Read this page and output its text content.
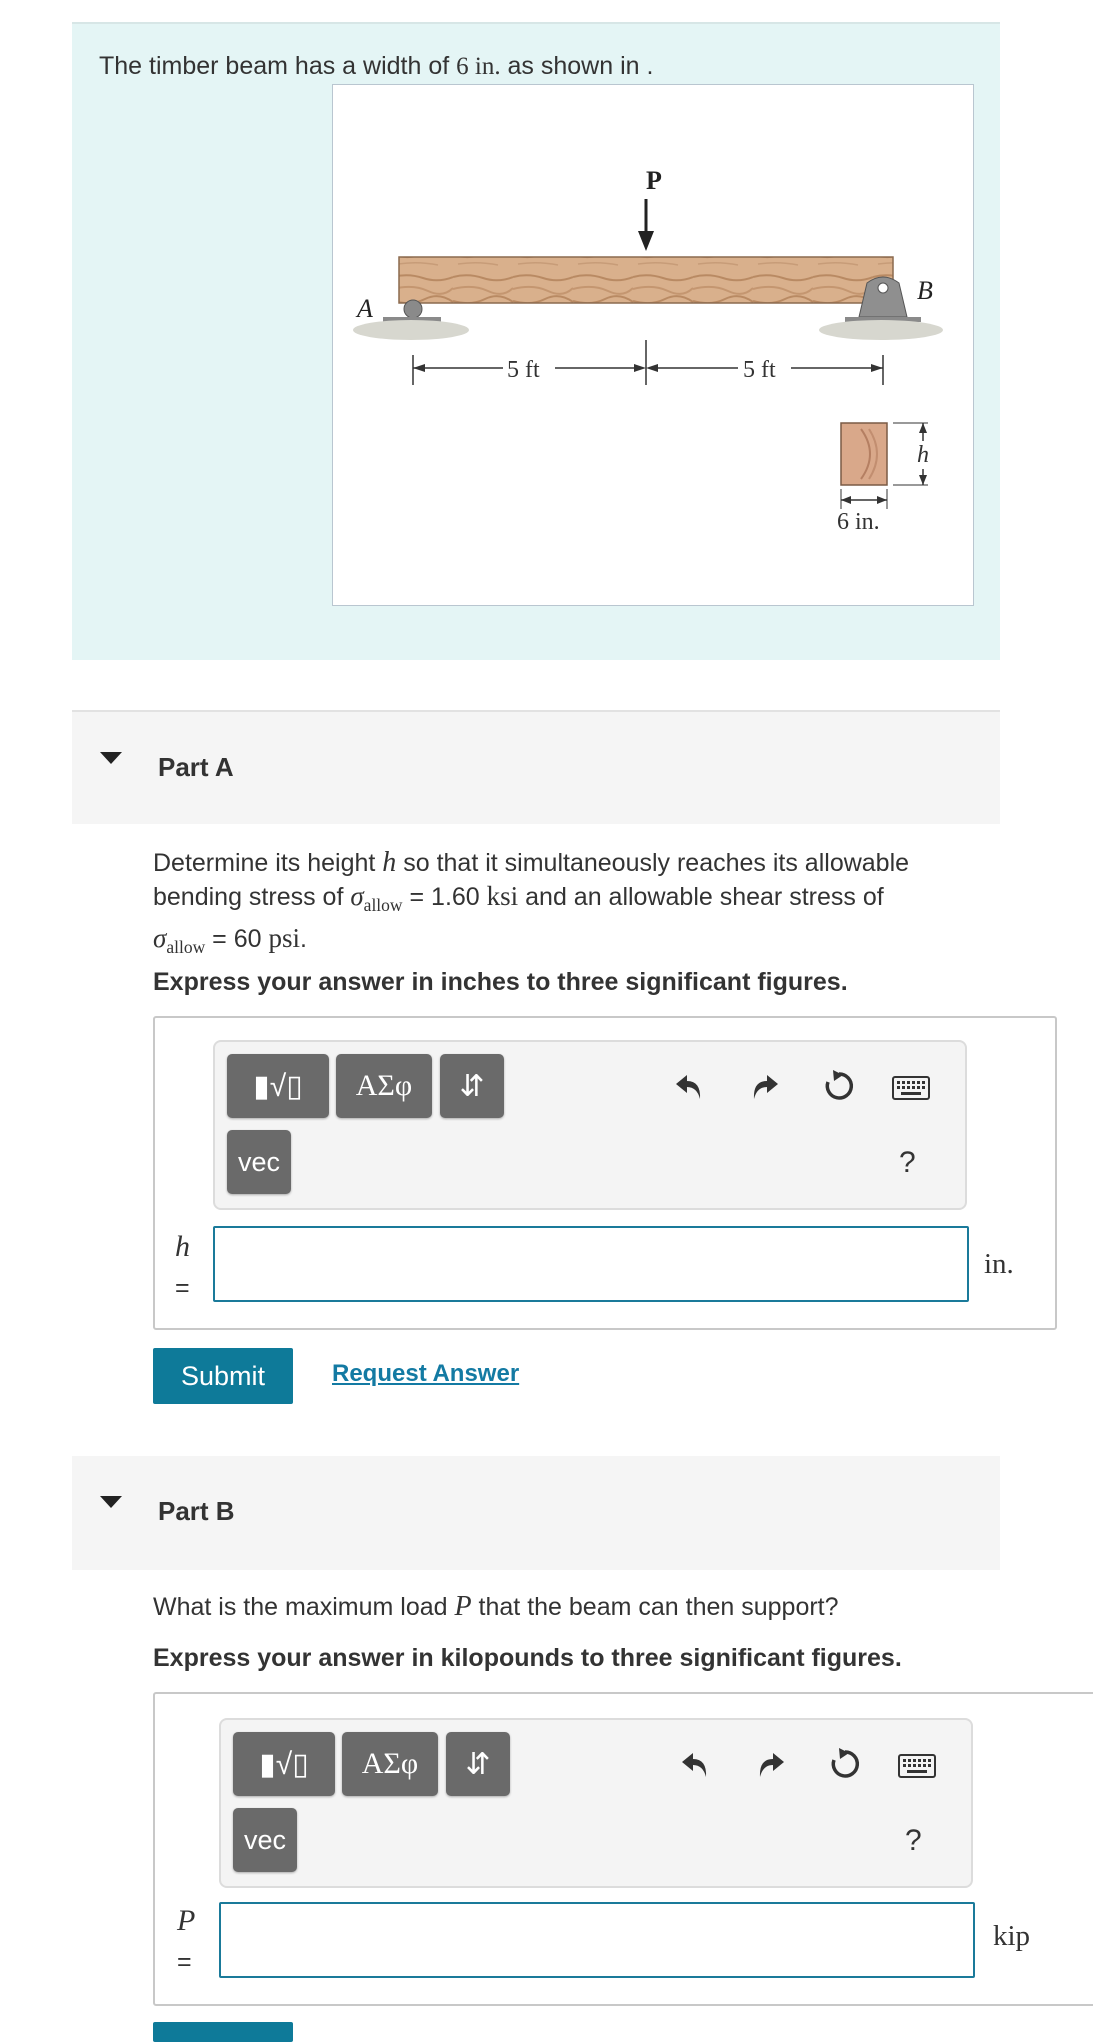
The timber beam has a width of 6 in. as shown in .
P
A
B
5 ft	5 ft
h
6 in.
Part A
Determine its height h so that it simultaneously reaches its allowable
bending stress of $\sigma_{allow} = 1.60$ ksi and an allowable shear stress of
$\sigma_{allow} = 60$ psi.
Express your answer in inches to three significant figures.
▮√▯	ΑΣφ	⇵
vec	?
h
=
in.
Submit	Request Answer
Part B
What is the maximum load P that the beam can then support?
Express your answer in kilopounds to three significant figures.
▮√▯	ΑΣφ	⇵
vec	?
P
=
kip
